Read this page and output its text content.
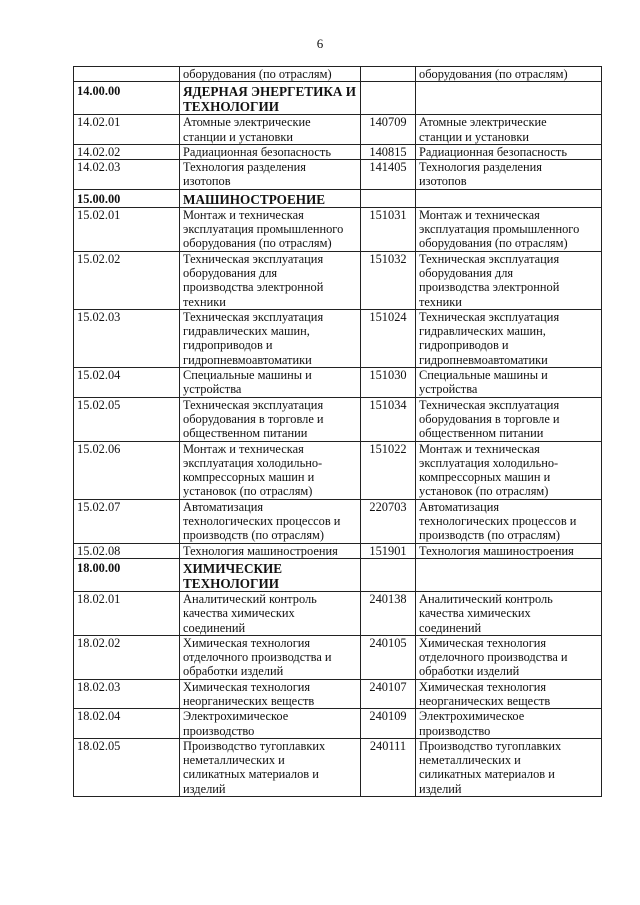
6

	оборудования (по отраслям)		оборудования (по отраслям)

14.00.00	ЯДЕРНАЯ ЭНЕРГЕТИКА И
ТЕХНОЛОГИИ		

14.02.01	Атомные электрические
станции и установки	140709	Атомные электрические
станции и установки

14.02.02	Радиационная безопасность	140815	Радиационная безопасность

14.02.03	Технология разделения
изотопов	141405	Технология разделения
изотопов

15.00.00	МАШИНОСТРОЕНИЕ		

15.02.01	Монтаж и техническая
эксплуатация промышленного
оборудования (по отраслям)	151031	Монтаж и техническая
эксплуатация промышленного
оборудования (по отраслям)

15.02.02	Техническая эксплуатация
оборудования для
производства электронной
техники	151032	Техническая эксплуатация
оборудования для
производства электронной
техники

15.02.03	Техническая эксплуатация
гидравлических машин,
гидроприводов и
гидропневмоавтоматики	151024	Техническая эксплуатация
гидравлических машин,
гидроприводов и
гидропневмоавтоматики

15.02.04	Специальные машины и
устройства	151030	Специальные машины и
устройства

15.02.05	Техническая эксплуатация
оборудования в торговле и
общественном питании	151034	Техническая эксплуатация
оборудования в торговле и
общественном питании

15.02.06	Монтаж и техническая
эксплуатация холодильно-
компрессорных машин и
установок (по отраслям)	151022	Монтаж и техническая
эксплуатация холодильно-
компрессорных машин и
установок (по отраслям)

15.02.07	Автоматизация
технологических процессов и
производств (по отраслям)	220703	Автоматизация
технологических процессов и
производств (по отраслям)

15.02.08	Технология машиностроения	151901	Технология машиностроения

18.00.00	ХИМИЧЕСКИЕ
ТЕХНОЛОГИИ		

18.02.01	Аналитический контроль
качества химических
соединений	240138	Аналитический контроль
качества химических
соединений

18.02.02	Химическая технология
отделочного производства и
обработки изделий	240105	Химическая технология
отделочного производства и
обработки изделий

18.02.03	Химическая технология
неорганических веществ	240107	Химическая технология
неорганических веществ

18.02.04	Электрохимическое
производство	240109	Электрохимическое
производство

18.02.05	Производство тугоплавких
неметаллических и
силикатных материалов и
изделий	240111	Производство тугоплавких
неметаллических и
силикатных материалов и
изделий
